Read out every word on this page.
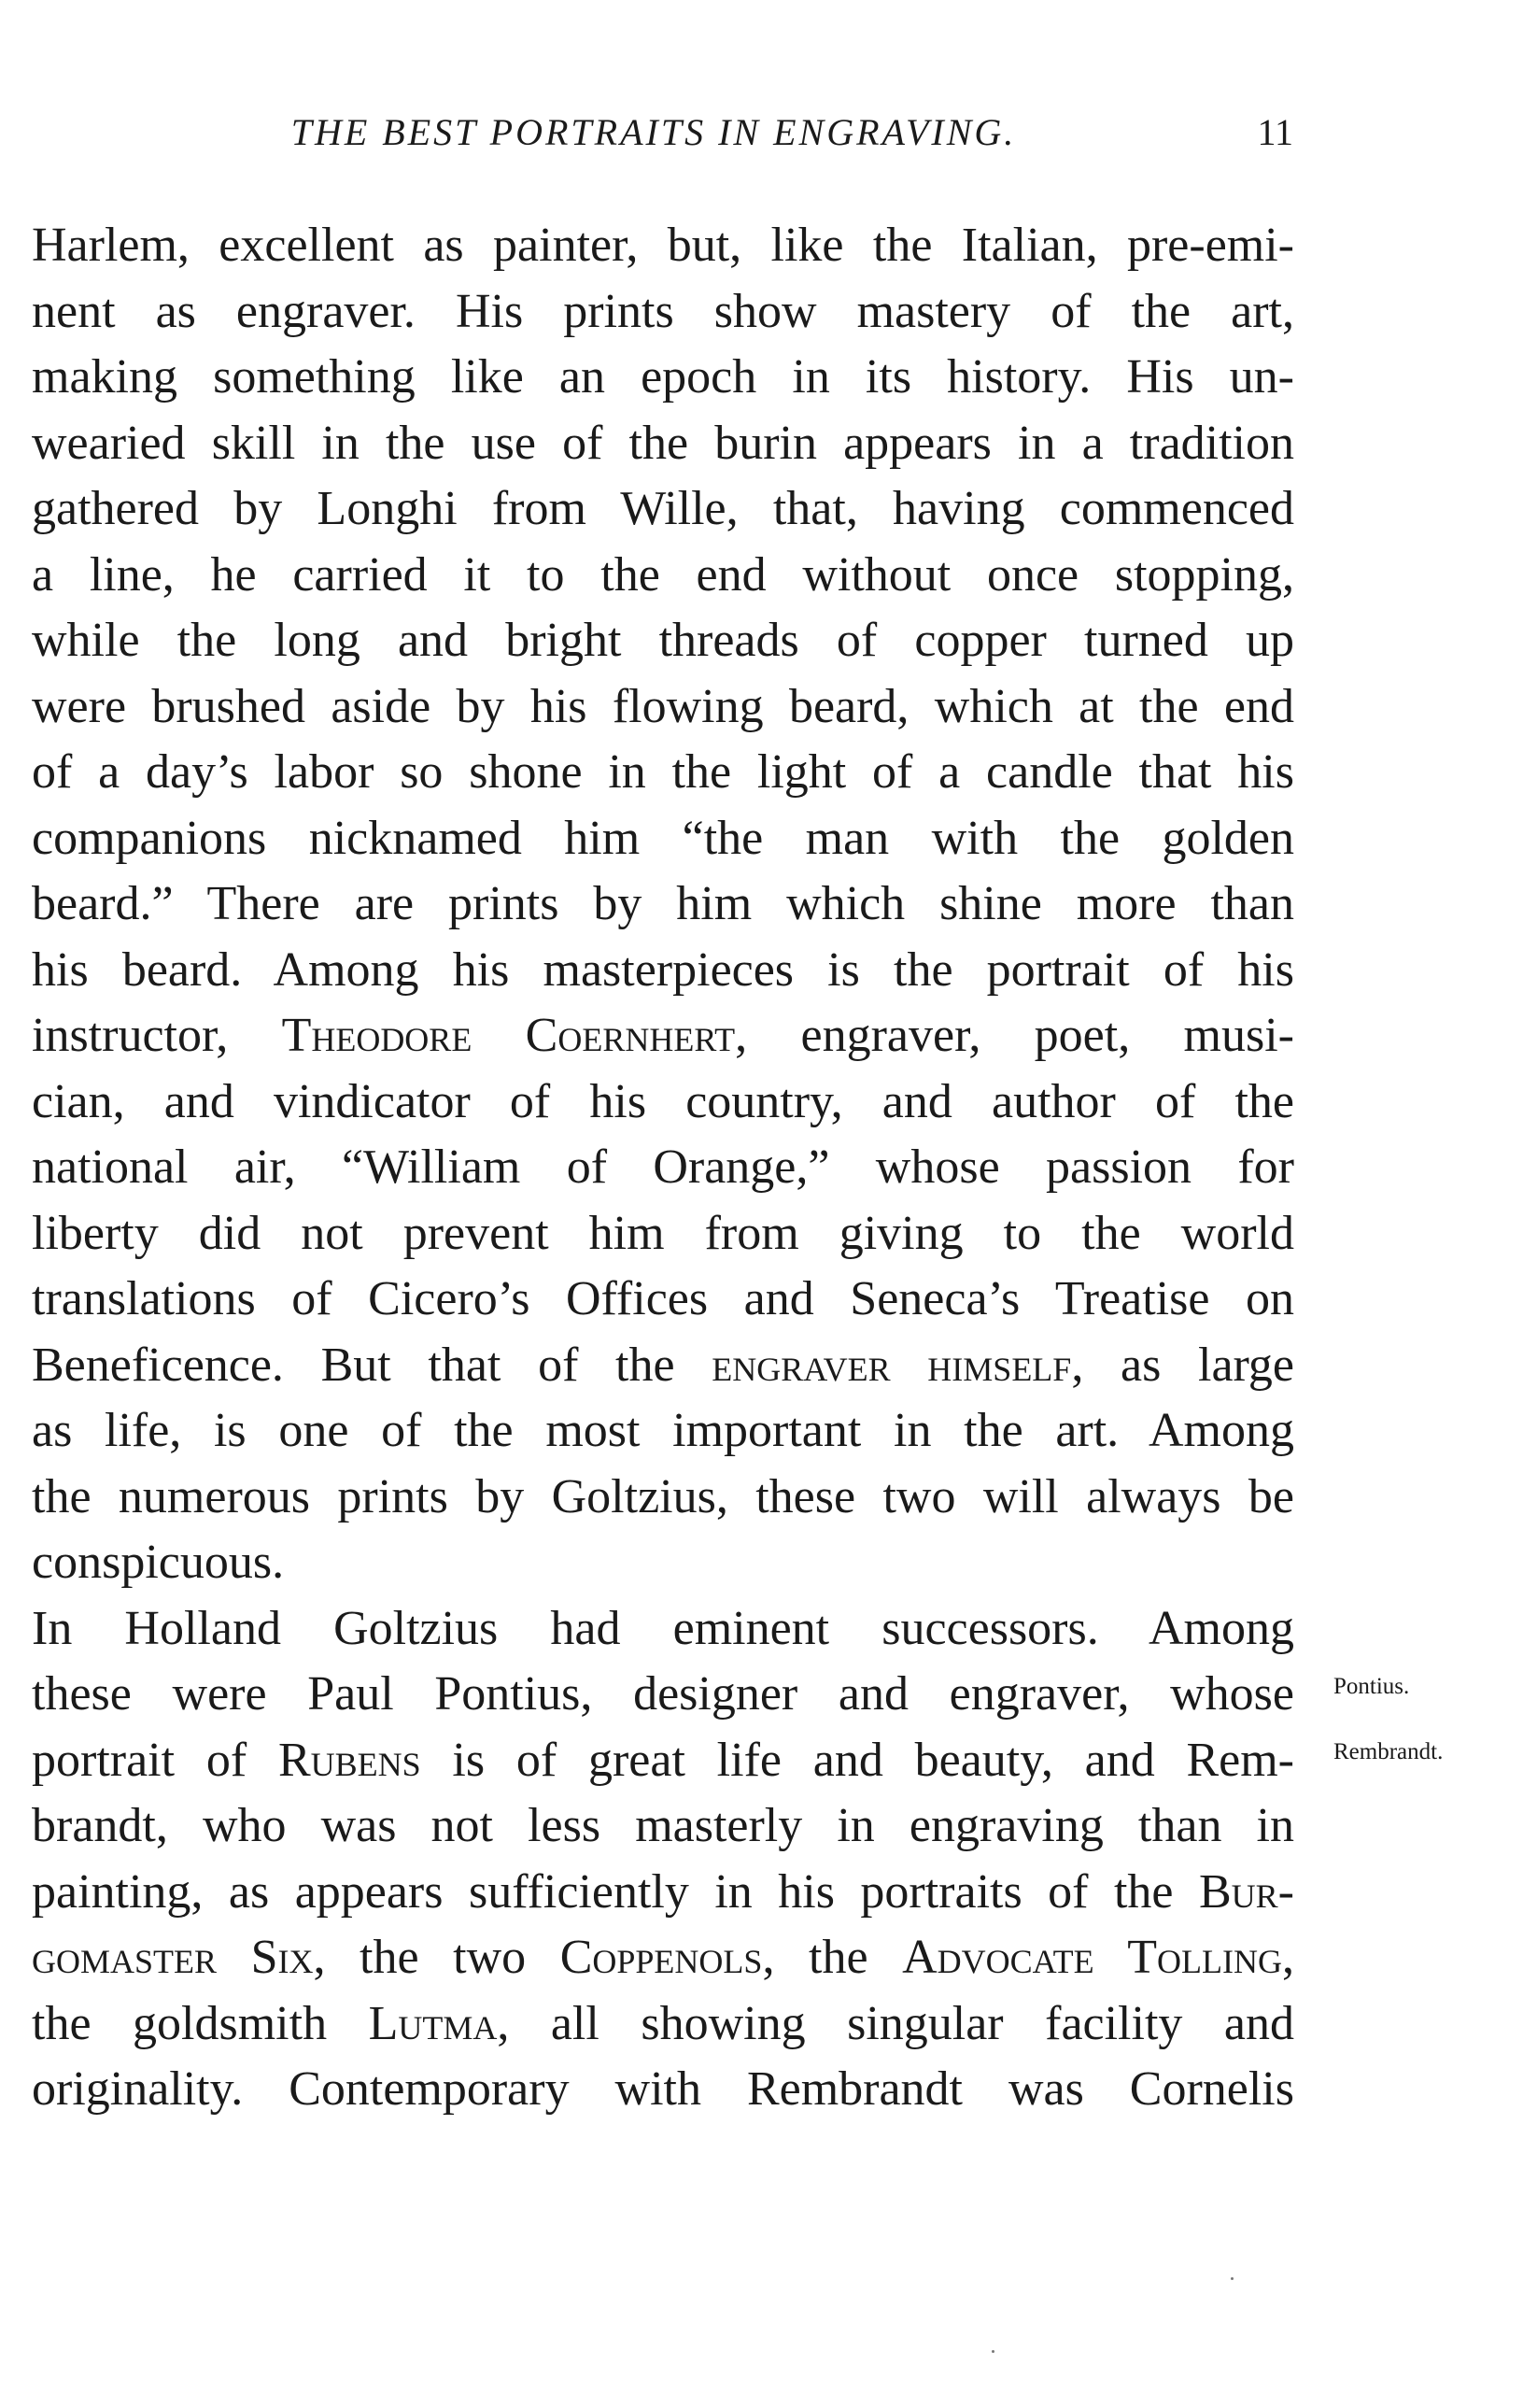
THE BEST PORTRAITS IN ENGRAVING.	11
Harlem, excellent as painter, but, like the Italian, pre-emi-
nent as engraver. His prints show mastery of the art,
making something like an epoch in its history. His un-
wearied skill in the use of the burin appears in a tradition
gathered by Longhi from Wille, that, having commenced
a line, he carried it to the end without once stopping,
while the long and bright threads of copper turned up
were brushed aside by his flowing beard, which at the end
of a day’s labor so shone in the light of a candle that his
companions nicknamed him “the man with the golden
beard.” There are prints by him which shine more than
his beard. Among his masterpieces is the portrait of his
instructor, Theodore Coernhert, engraver, poet, musi-
cian, and vindicator of his country, and author of the
national air, “William of Orange,” whose passion for
liberty did not prevent him from giving to the world
translations of Cicero’s Offices and Seneca’s Treatise on
Beneficence. But that of the engraver himself, as large
as life, is one of the most important in the art. Among
the numerous prints by Goltzius, these two will always be
conspicuous.
In Holland Goltzius had eminent successors. Among
these were Paul Pontius, designer and engraver, whose
portrait of Rubens is of great life and beauty, and Rem-
brandt, who was not less masterly in engraving than in
painting, as appears sufficiently in his portraits of the Bur-
gomaster Six, the two Coppenols, the Advocate Tolling,
the goldsmith Lutma, all showing singular facility and
originality. Contemporary with Rembrandt was Cornelis
Pontius.
Rembrandt.
